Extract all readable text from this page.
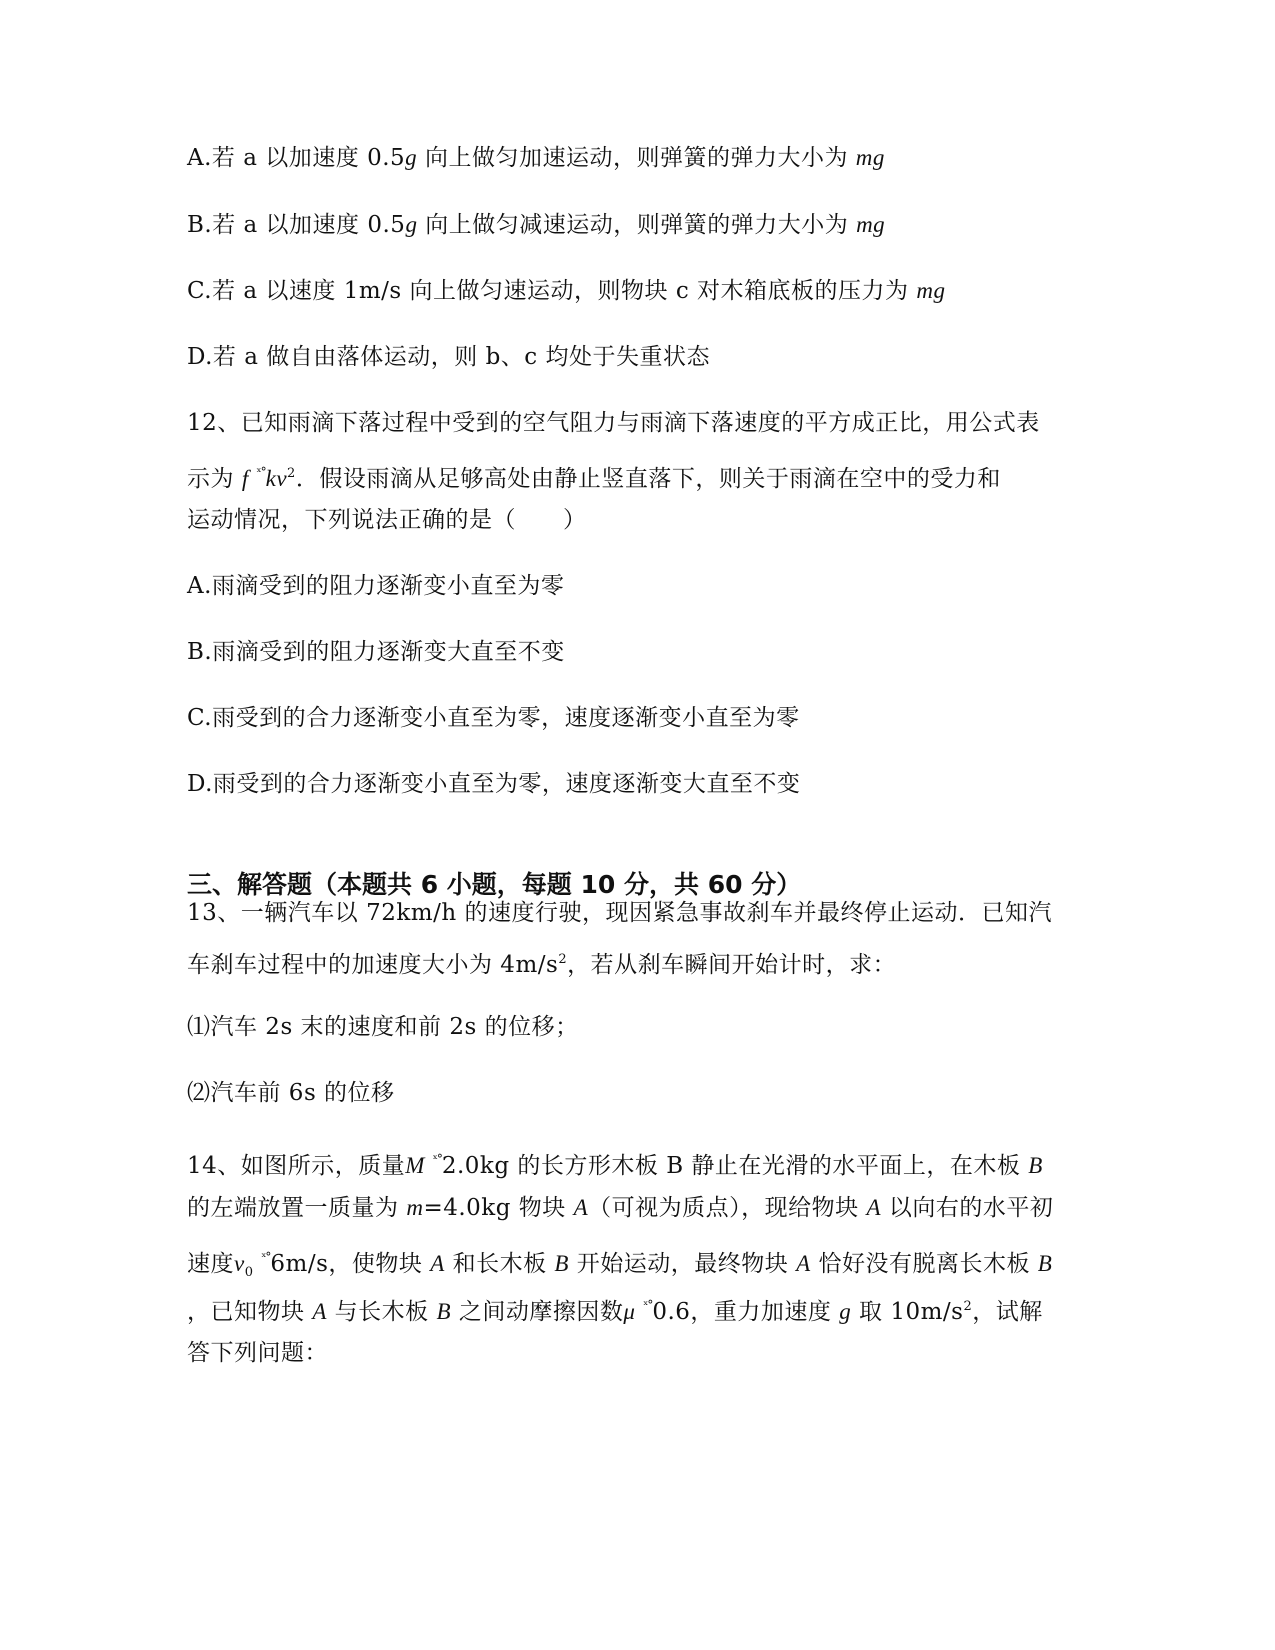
A.若 a 以加速度 0.5g 向上做匀加速运动，则弹簧的弹力大小为 mg
B.若 a 以加速度 0.5g 向上做匀减速运动，则弹簧的弹力大小为 mg
C.若 a 以速度 1m/s 向上做匀速运动，则物块 c 对木箱底板的压力为 mg
D.若 a 做自由落体运动，则 b、c 均处于失重状态
12、已知雨滴下落过程中受到的空气阻力与雨滴下落速度的平方成正比，用公式表
示为 f $^{ˣ^\circ}kv^2$．假设雨滴从足够高处由静止竖直落下，则关于雨滴在空中的受力和
运动情况，下列说法正确的是（　　）
A.雨滴受到的阻力逐渐变小直至为零
B.雨滴受到的阻力逐渐变大直至不变
C.雨受到的合力逐渐变小直至为零，速度逐渐变小直至为零
D.雨受到的合力逐渐变小直至为零，速度逐渐变大直至不变
三、解答题（本题共 6 小题，每题 10 分，共 60 分）
13、一辆汽车以 72km/h 的速度行驶，现因紧急事故刹车并最终停止运动．已知汽
车刹车过程中的加速度大小为 $4m/s^2$，若从刹车瞬间开始计时，求：
⑴汽车 2s 末的速度和前 2s 的位移；
⑵汽车前 6s 的位移
14、如图所示，质量M $^{ˣ^\circ}$2.0kg 的长方形木板 B 静止在光滑的水平面上，在木板 B
的左端放置一质量为 m=4.0kg 物块 A（可视为质点），现给物块 A 以向右的水平初
速度$v_0$ $^{ˣ^\circ}$6m/s，使物块 A 和长木板 B 开始运动，最终物块 A 恰好没有脱离长木板 B
，已知物块 A 与长木板 B 之间动摩擦因数μ $^{ˣ^\circ}$0.6，重力加速度 g 取 $10m/s^2$，试解
答下列问题：
